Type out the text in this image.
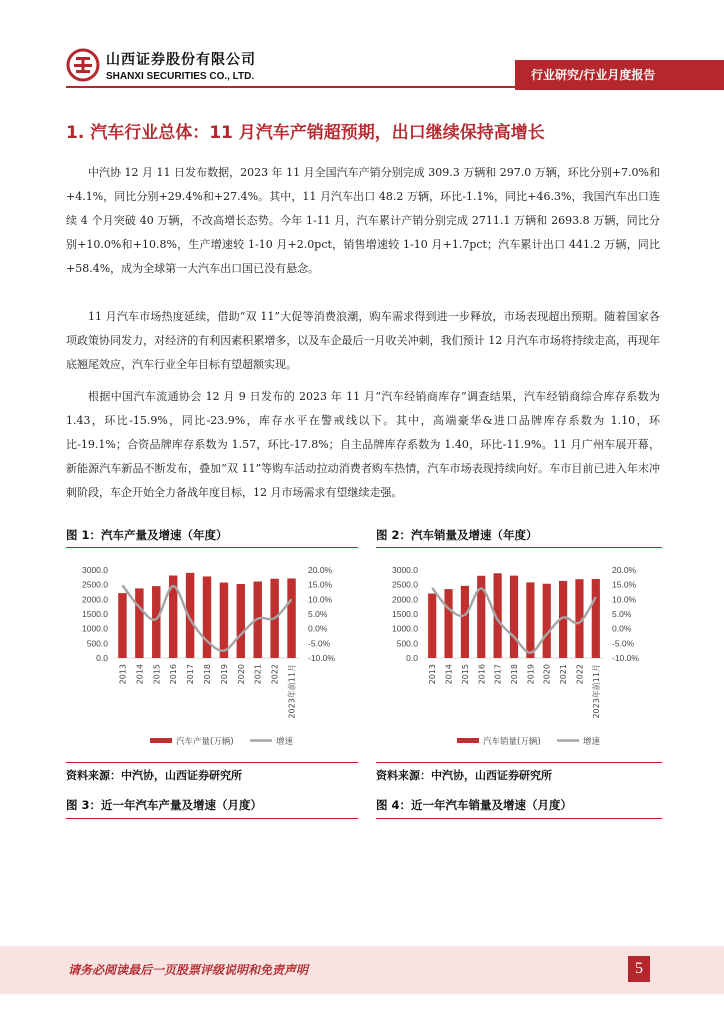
山西证券股份有限公司
SHANXI SECURITIES CO., LTD.	行业研究/行业月度报告
1. 汽车行业总体：11 月汽车产销超预期，出口继续保持高增长

中汽协 12 月 11 日发布数据，2023 年 11 月全国汽车产销分别完成 309.3 万辆和 297.0 万辆，环比分别+7.0%和+4.1%，同比分别+29.4%和+27.4%。其中，11 月汽车出口 48.2 万辆，环比-1.1%，同比+46.3%，我国汽车出口连续 4 个月突破 40 万辆，不改高增长态势。今年 1-11 月，汽车累计产销分别完成 2711.1 万辆和 2693.8 万辆，同比分别+10.0%和+10.8%，生产增速较 1-10 月+2.0pct，销售增速较 1-10 月+1.7pct；汽车累计出口 441.2 万辆，同比+58.4%，成为全球第一大汽车出口国已没有悬念。

11 月汽车市场热度延续，借助“双 11”大促等消费浪潮，购车需求得到进一步释放，市场表现超出预期。随着国家各项政策协同发力，对经济的有利因素积累增多，以及车企最后一月收关冲刺，我们预计 12 月汽车市场将持续走高，再现年底翘尾效应，汽车行业全年目标有望超额实现。

根据中国汽车流通协会 12 月 9 日发布的 2023 年 11 月“汽车经销商库存”调查结果，汽车经销商综合库存系数为 1.43，环比-15.9%，同比-23.9%，库存水平在警戒线以下。其中，高端豪华&进口品牌库存系数为 1.10，环比-19.1%；合资品牌库存系数为 1.57，环比-17.8%；自主品牌库存系数为 1.40，环比-11.9%。11 月广州车展开幕，新能源汽车新品不断发布，叠加“双 11”等购车活动拉动消费者购车热情，汽车市场表现持续向好。车市目前已进入年末冲刺阶段，车企开始全力备战年度目标，12 月市场需求有望继续走强。

图 1：汽车产量及增速（年度）
3000.0
2500.0
2000.0
1500.0
1000.0
500.0
0.0
20.0%
15.0%
10.0%
5.0%
0.0%
-5.0%
-10.0%
2013 2014 2015 2016 2017 2018 2019 2020 2021 2022 2023年前11月
汽车产量(万辆)	增速
资料来源：中汽协，山西证券研究所
图 2：汽车销量及增速（年度）
3000.0
2500.0
2000.0
1500.0
1000.0
500.0
0.0
20.0%
15.0%
10.0%
5.0%
0.0%
-5.0%
-10.0%
2013 2014 2015 2016 2017 2018 2019 2020 2021 2022 2023年前11月
汽车销量(万辆)	增速
资料来源：中汽协，山西证券研究所
图 3：近一年汽车产量及增速（月度）	图 4：近一年汽车销量及增速（月度）
请务必阅读最后一页股票评级说明和免责声明	5
